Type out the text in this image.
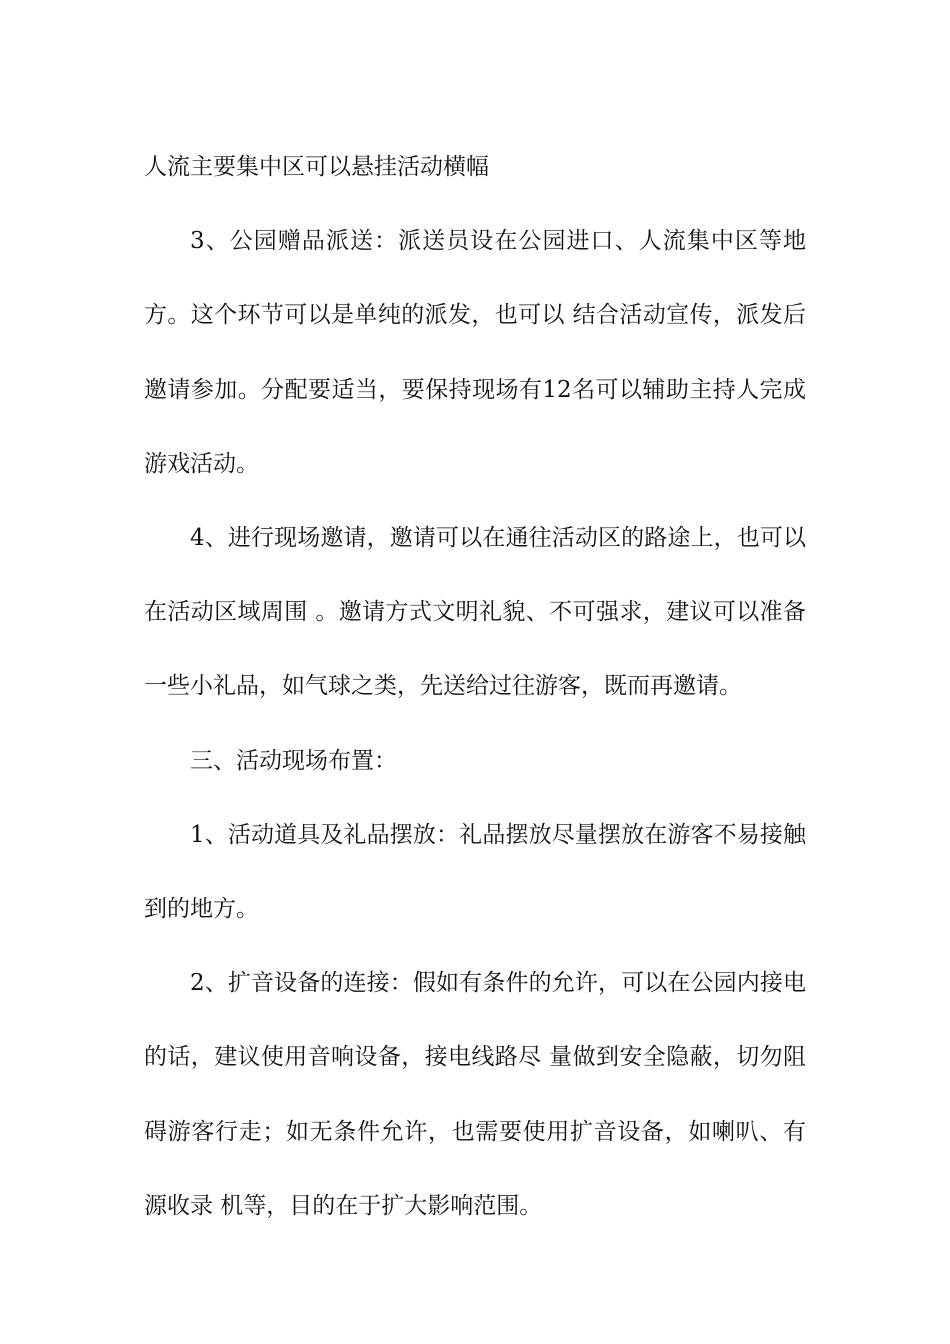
人流主要集中区可以悬挂活动横幅

3、公园赠品派送：派送员设在公园进口、人流集中区等地方。这个环节可以是单纯的派发，也可以 结合活动宣传，派发后邀请参加。分配要适当，要保持现场有12名可以辅助主持人完成游戏活动。

4、进行现场邀请，邀请可以在通往活动区的路途上，也可以在活动区域周围 。邀请方式文明礼貌、不可强求，建议可以准备一些小礼品，如气球之类，先送给过往游客，既而再邀请。

三、活动现场布置：

1、活动道具及礼品摆放：礼品摆放尽量摆放在游客不易接触到的地方。

2、扩音设备的连接：假如有条件的允许，可以在公园内接电的话，建议使用音响设备，接电线路尽 量做到安全隐蔽，切勿阻碍游客行走；如无条件允许，也需要使用扩音设备，如喇叭、有源收录 机等，目的在于扩大影响范围。
